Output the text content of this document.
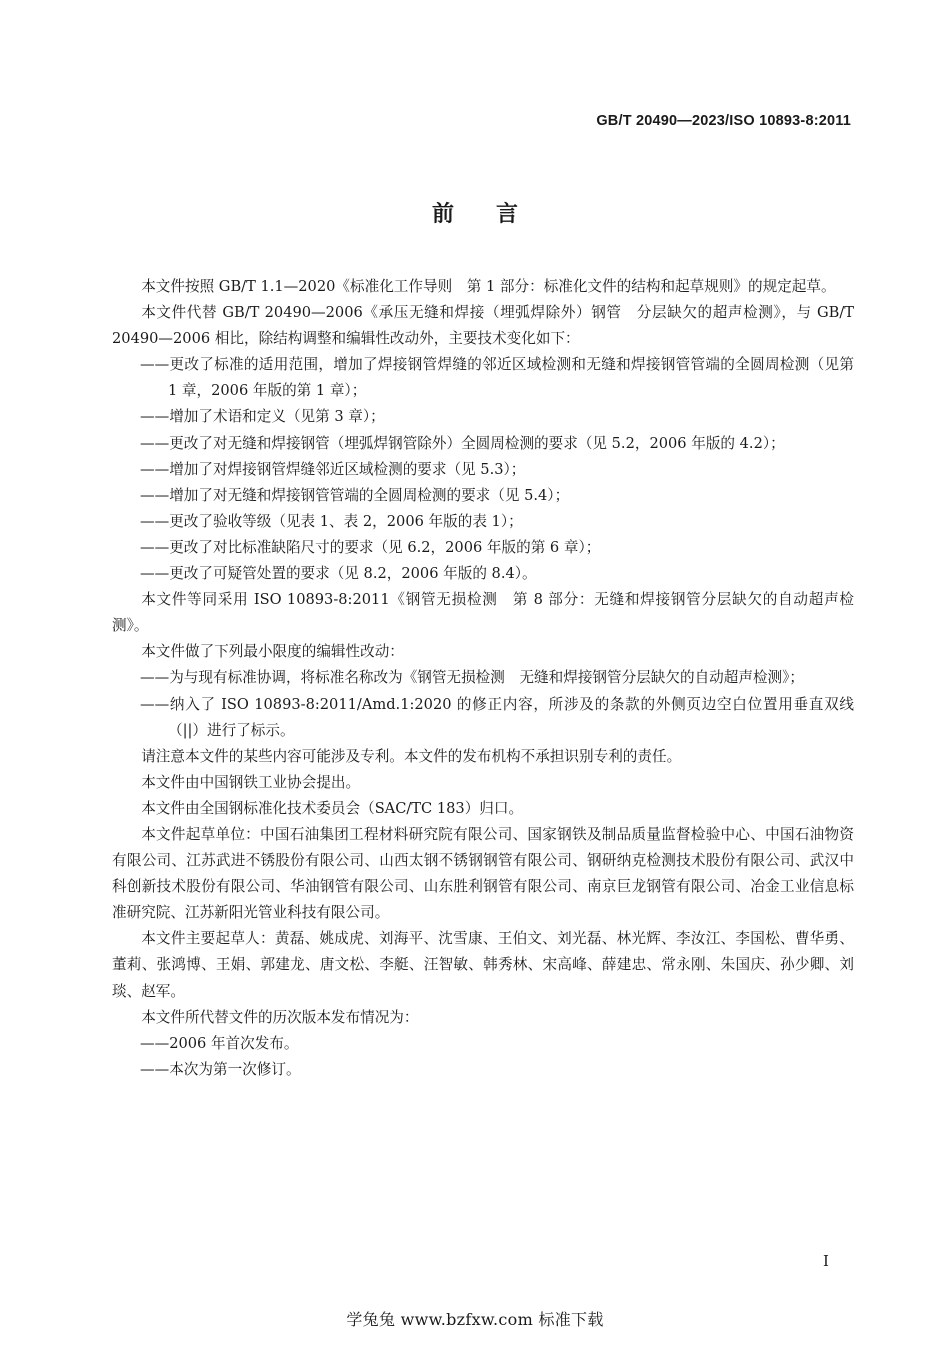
GB/T 20490—2023/ISO 10893-8:2011
前言
本文件按照 GB/T 1.1—2020《标准化工作导则　第 1 部分：标准化文件的结构和起草规则》的规定起草。
本文件代替 GB/T 20490—2006《承压无缝和焊接（埋弧焊除外）钢管　分层缺欠的超声检测》，与 GB/T 20490—2006 相比，除结构调整和编辑性改动外，主要技术变化如下：
——更改了标准的适用范围，增加了焊接钢管焊缝的邻近区域检测和无缝和焊接钢管管端的全圆周检测（见第 1 章，2006 年版的第 1 章）；
——增加了术语和定义（见第 3 章）；
——更改了对无缝和焊接钢管（埋弧焊钢管除外）全圆周检测的要求（见 5.2，2006 年版的 4.2）；
——增加了对焊接钢管焊缝邻近区域检测的要求（见 5.3）；
——增加了对无缝和焊接钢管管端的全圆周检测的要求（见 5.4）；
——更改了验收等级（见表 1、表 2，2006 年版的表 1）；
——更改了对比标准缺陷尺寸的要求（见 6.2，2006 年版的第 6 章）；
——更改了可疑管处置的要求（见 8.2，2006 年版的 8.4）。
本文件等同采用 ISO 10893-8:2011《钢管无损检测　第 8 部分：无缝和焊接钢管分层缺欠的自动超声检测》。
本文件做了下列最小限度的编辑性改动：
——为与现有标准协调，将标准名称改为《钢管无损检测　无缝和焊接钢管分层缺欠的自动超声检测》；
——纳入了 ISO 10893-8:2011/Amd.1:2020 的修正内容，所涉及的条款的外侧页边空白位置用垂直双线（||）进行了标示。
请注意本文件的某些内容可能涉及专利。本文件的发布机构不承担识别专利的责任。
本文件由中国钢铁工业协会提出。
本文件由全国钢标准化技术委员会（SAC/TC 183）归口。
本文件起草单位：中国石油集团工程材料研究院有限公司、国家钢铁及制品质量监督检验中心、中国石油物资有限公司、江苏武进不锈股份有限公司、山西太钢不锈钢钢管有限公司、钢研纳克检测技术股份有限公司、武汉中科创新技术股份有限公司、华油钢管有限公司、山东胜利钢管有限公司、南京巨龙钢管有限公司、冶金工业信息标准研究院、江苏新阳光管业科技有限公司。
本文件主要起草人：黄磊、姚成虎、刘海平、沈雪康、王伯文、刘光磊、林光辉、李汝江、李国松、曹华勇、董莉、张鸿博、王娟、郭建龙、唐文松、李艇、汪智敏、韩秀林、宋高峰、薛建忠、常永刚、朱国庆、孙少卿、刘琰、赵军。
本文件所代替文件的历次版本发布情况为：
——2006 年首次发布。
——本次为第一次修订。
I
学兔兔 www.bzfxw.com 标准下载
